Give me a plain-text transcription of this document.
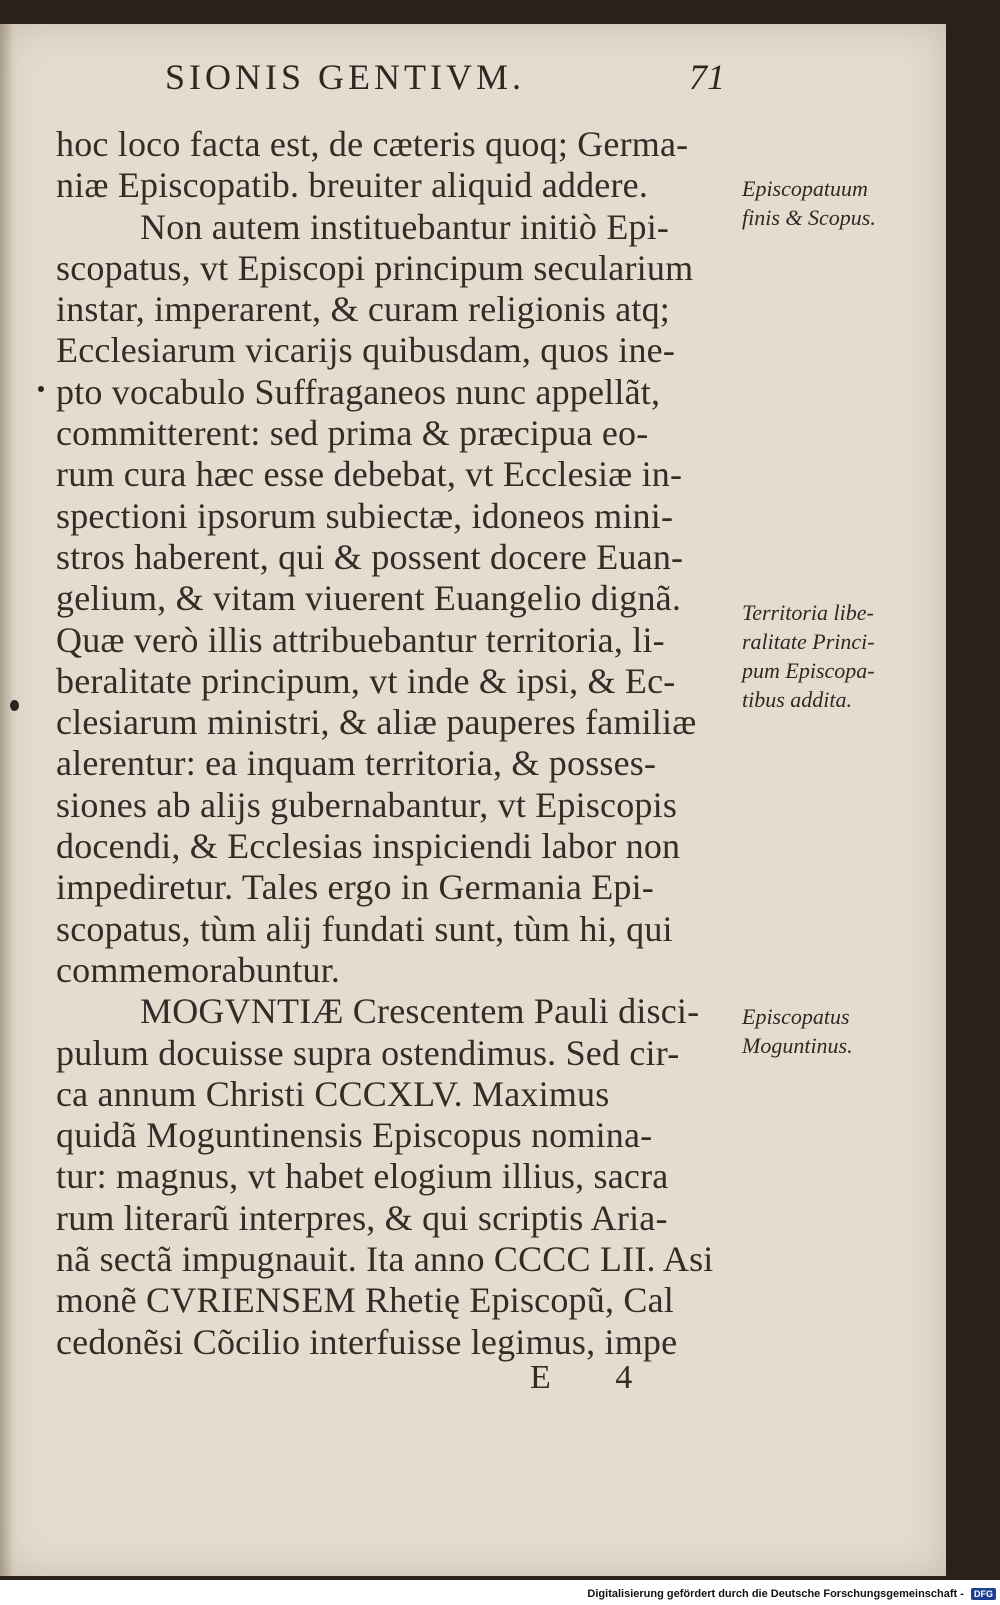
SIONIS GENTIVM.	71
hoc loco facta est, de cæteris quoq; Germa-
niæ Episcopatib. breuiter aliquid addere.
Non autem instituebantur initiò Epi-
scopatus, vt Episcopi principum secularium
instar, imperarent, & curam religionis atq;
Ecclesiarum vicarijs quibusdam, quos ine-
pto vocabulo Suffraganeos nunc appellãt,
committerent: sed prima & præcipua eo-
rum cura hæc esse debebat, vt Ecclesiæ in-
spectioni ipsorum subiectæ, idoneos mini-
stros haberent, qui & possent docere Euan-
gelium, & vitam viuerent Euangelio dignã.
Quæ verò illis attribuebantur territoria, li-
beralitate principum, vt inde & ipsi, & Ec-
clesiarum ministri, & aliæ pauperes familiæ
alerentur: ea inquam territoria, & posses-
siones ab alijs gubernabantur, vt Episcopis
docendi, & Ecclesias inspiciendi labor non
impediretur. Tales ergo in Germania Epi-
scopatus, tùm alij fundati sunt, tùm hi, qui
commemorabuntur.
MOGVNTIÆ Crescentem Pauli disci-
pulum docuisse supra ostendimus. Sed cir-
ca annum Christi CCCXLV. Maximus
quidã Moguntinensis Episcopus nomina-
tur: magnus, vt habet elogium illius, sacra
rum literarũ interpres, & qui scriptis Aria-
nã sectã impugnauit. Ita anno CCCC LII. Asi
monẽ CVRIENSEM Rhetię Episcopũ, Cal
cedonẽsi Cõcilio interfuisse legimus, impe
Episcopatuum
finis & Scopus.
Territoria libe-
ralitate Princi-
pum Episcopa-
tibus addita.
Episcopatus
Moguntinus.
E 4
Digitalisierung gefördert durch die Deutsche Forschungsgemeinschaft - DFG
